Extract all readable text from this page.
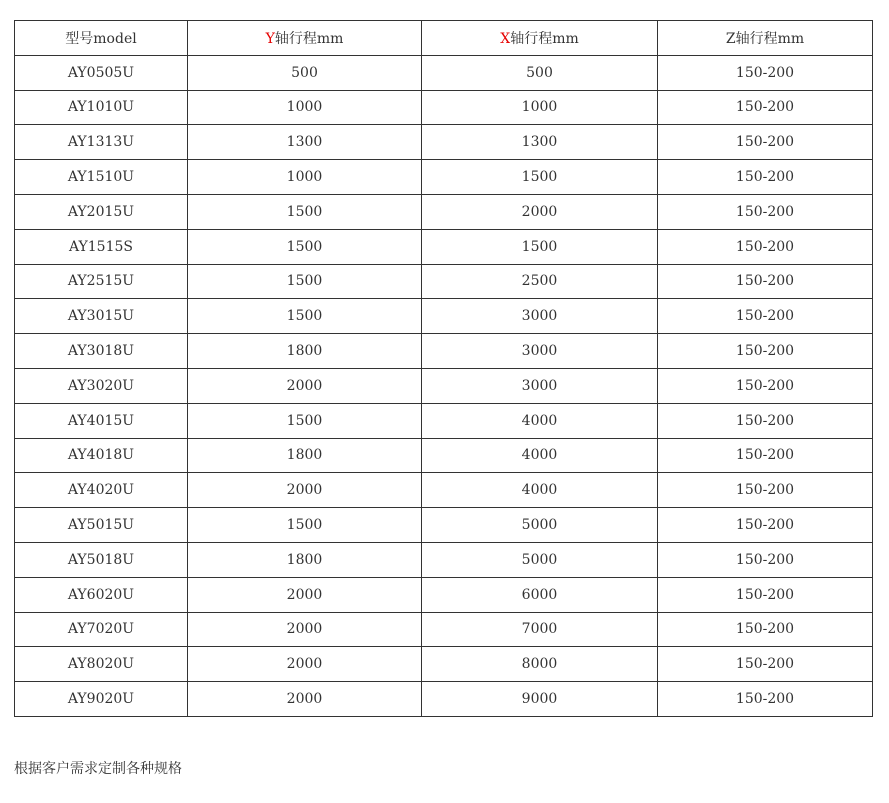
型号model	Y轴行程mm	X轴行程mm	Z轴行程mm
AY0505U	500	500	150-200
AY1010U	1000	1000	150-200
AY1313U	1300	1300	150-200
AY1510U	1000	1500	150-200
AY2015U	1500	2000	150-200
AY1515S	1500	1500	150-200
AY2515U	1500	2500	150-200
AY3015U	1500	3000	150-200
AY3018U	1800	3000	150-200
AY3020U	2000	3000	150-200
AY4015U	1500	4000	150-200
AY4018U	1800	4000	150-200
AY4020U	2000	4000	150-200
AY5015U	1500	5000	150-200
AY5018U	1800	5000	150-200
AY6020U	2000	6000	150-200
AY7020U	2000	7000	150-200
AY8020U	2000	8000	150-200
AY9020U	2000	9000	150-200
根据客户需求定制各种规格
